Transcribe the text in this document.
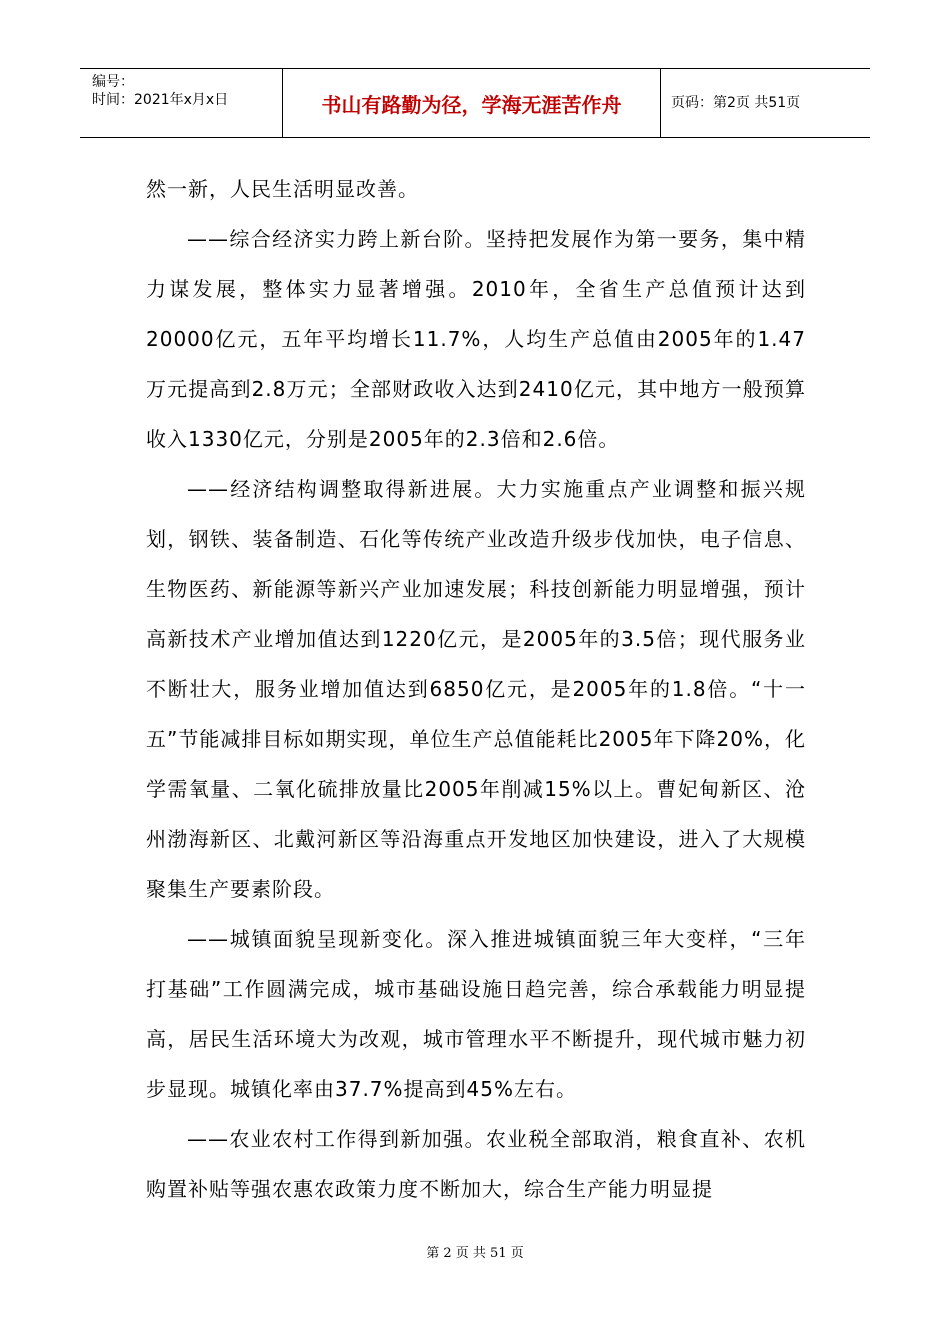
编号：
时间：2021年x月x日	书山有路勤为径，学海无涯苦作舟	页码：第2页 共51页

然一新，人民生活明显改善。

——综合经济实力跨上新台阶。坚持把发展作为第一要务，集中精力谋发展，整体实力显著增强。2010年，全省生产总值预计达到20000亿元，五年平均增长11.7%，人均生产总值由2005年的1.47万元提高到2.8万元；全部财政收入达到2410亿元，其中地方一般预算收入1330亿元，分别是2005年的2.3倍和2.6倍。

——经济结构调整取得新进展。大力实施重点产业调整和振兴规划，钢铁、装备制造、石化等传统产业改造升级步伐加快，电子信息、生物医药、新能源等新兴产业加速发展；科技创新能力明显增强，预计高新技术产业增加值达到1220亿元，是2005年的3.5倍；现代服务业不断壮大，服务业增加值达到6850亿元，是2005年的1.8倍。“十一五”节能减排目标如期实现，单位生产总值能耗比2005年下降20%，化学需氧量、二氧化硫排放量比2005年削减15%以上。曹妃甸新区、沧州渤海新区、北戴河新区等沿海重点开发地区加快建设，进入了大规模聚集生产要素阶段。

——城镇面貌呈现新变化。深入推进城镇面貌三年大变样，“三年打基础”工作圆满完成，城市基础设施日趋完善，综合承载能力明显提高，居民生活环境大为改观，城市管理水平不断提升，现代城市魅力初步显现。城镇化率由37.7%提高到45%左右。

——农业农村工作得到新加强。农业税全部取消，粮食直补、农机购置补贴等强农惠农政策力度不断加大，综合生产能力明显提

第 2 页 共 51 页
